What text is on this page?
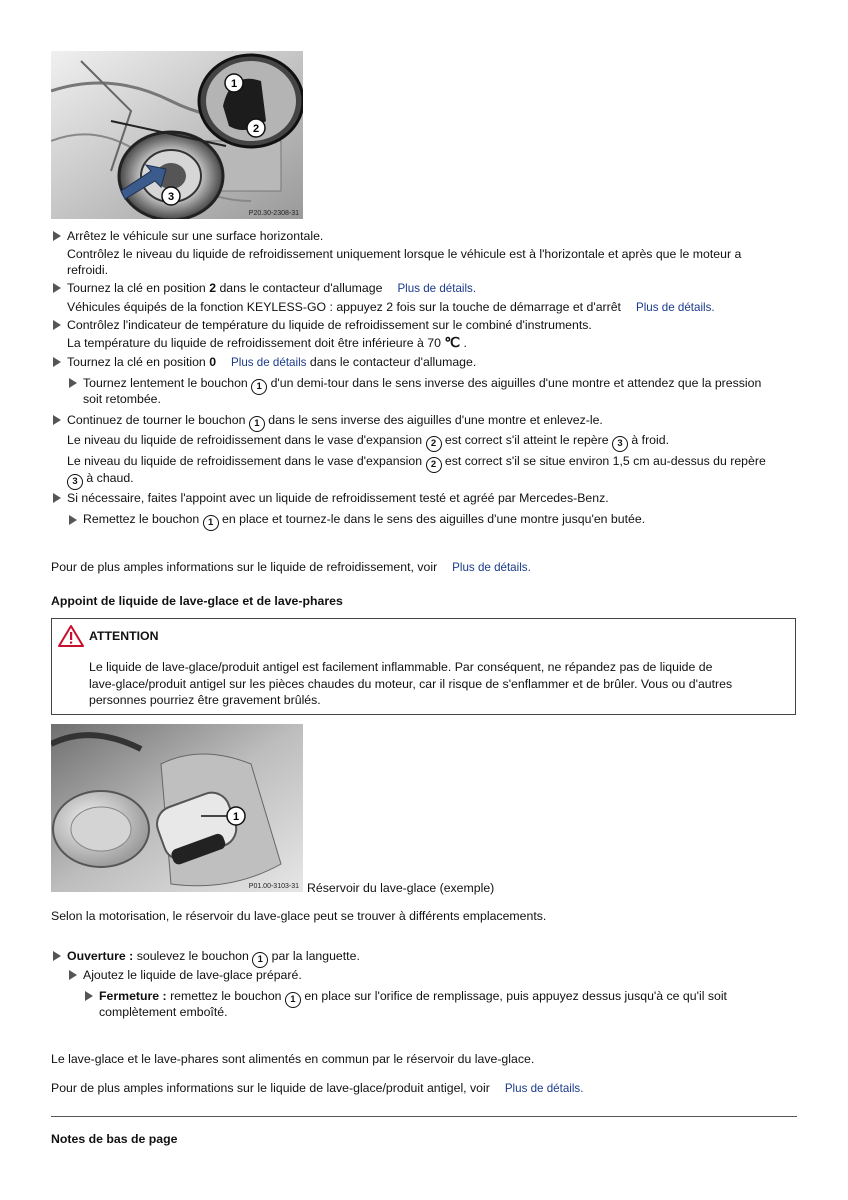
1
2
3
P20.30-2308-31
Arrêtez le véhicule sur une surface horizontale.
Contrôlez le niveau du liquide de refroidissement uniquement lorsque le véhicule est à l'horizontale et après que le moteur a
refroidi.
Tournez la clé en position 2 dans le contacteur d'allumage Plus de détails.
Véhicules équipés de la fonction KEYLESS-GO : appuyez 2 fois sur la touche de démarrage et d'arrêt Plus de détails.
Contrôlez l'indicateur de température du liquide de refroidissement sur le combiné d'instruments.
La température du liquide de refroidissement doit être inférieure à 70 ℃ .
Tournez la clé en position 0 Plus de détails dans le contacteur d'allumage.
Tournez lentement le bouchon 1 d'un demi-tour dans le sens inverse des aiguilles d'une montre et attendez que la pression
soit retombée.
Continuez de tourner le bouchon 1 dans le sens inverse des aiguilles d'une montre et enlevez-le.
Le niveau du liquide de refroidissement dans le vase d'expansion 2 est correct s'il atteint le repère 3 à froid.
Le niveau du liquide de refroidissement dans le vase d'expansion 2 est correct s'il se situe environ 1,5 cm au-dessus du repère
3 à chaud.
Si nécessaire, faites l'appoint avec un liquide de refroidissement testé et agréé par Mercedes-Benz.
Remettez le bouchon 1 en place et tournez-le dans le sens des aiguilles d'une montre jusqu'en butée.
Pour de plus amples informations sur le liquide de refroidissement, voir Plus de détails.
Appoint de liquide de lave-glace et de lave-phares
ATTENTION
Le liquide de lave-glace/produit antigel est facilement inflammable. Par conséquent, ne répandez pas de liquide de
lave-glace/produit antigel sur les pièces chaudes du moteur, car il risque de s'enflammer et de brûler. Vous ou d'autres
personnes pourriez être gravement brûlés.
1
P01.00-3103-31 Réservoir du lave-glace (exemple)
Selon la motorisation, le réservoir du lave-glace peut se trouver à différents emplacements.
Ouverture : soulevez le bouchon 1 par la languette.
Ajoutez le liquide de lave-glace préparé.
Fermeture : remettez le bouchon 1 en place sur l'orifice de remplissage, puis appuyez dessus jusqu'à ce qu'il soit
complètement emboîté.
Le lave-glace et le lave-phares sont alimentés en commun par le réservoir du lave-glace.
Pour de plus amples informations sur le liquide de lave-glace/produit antigel, voir Plus de détails.
Notes de bas de page
